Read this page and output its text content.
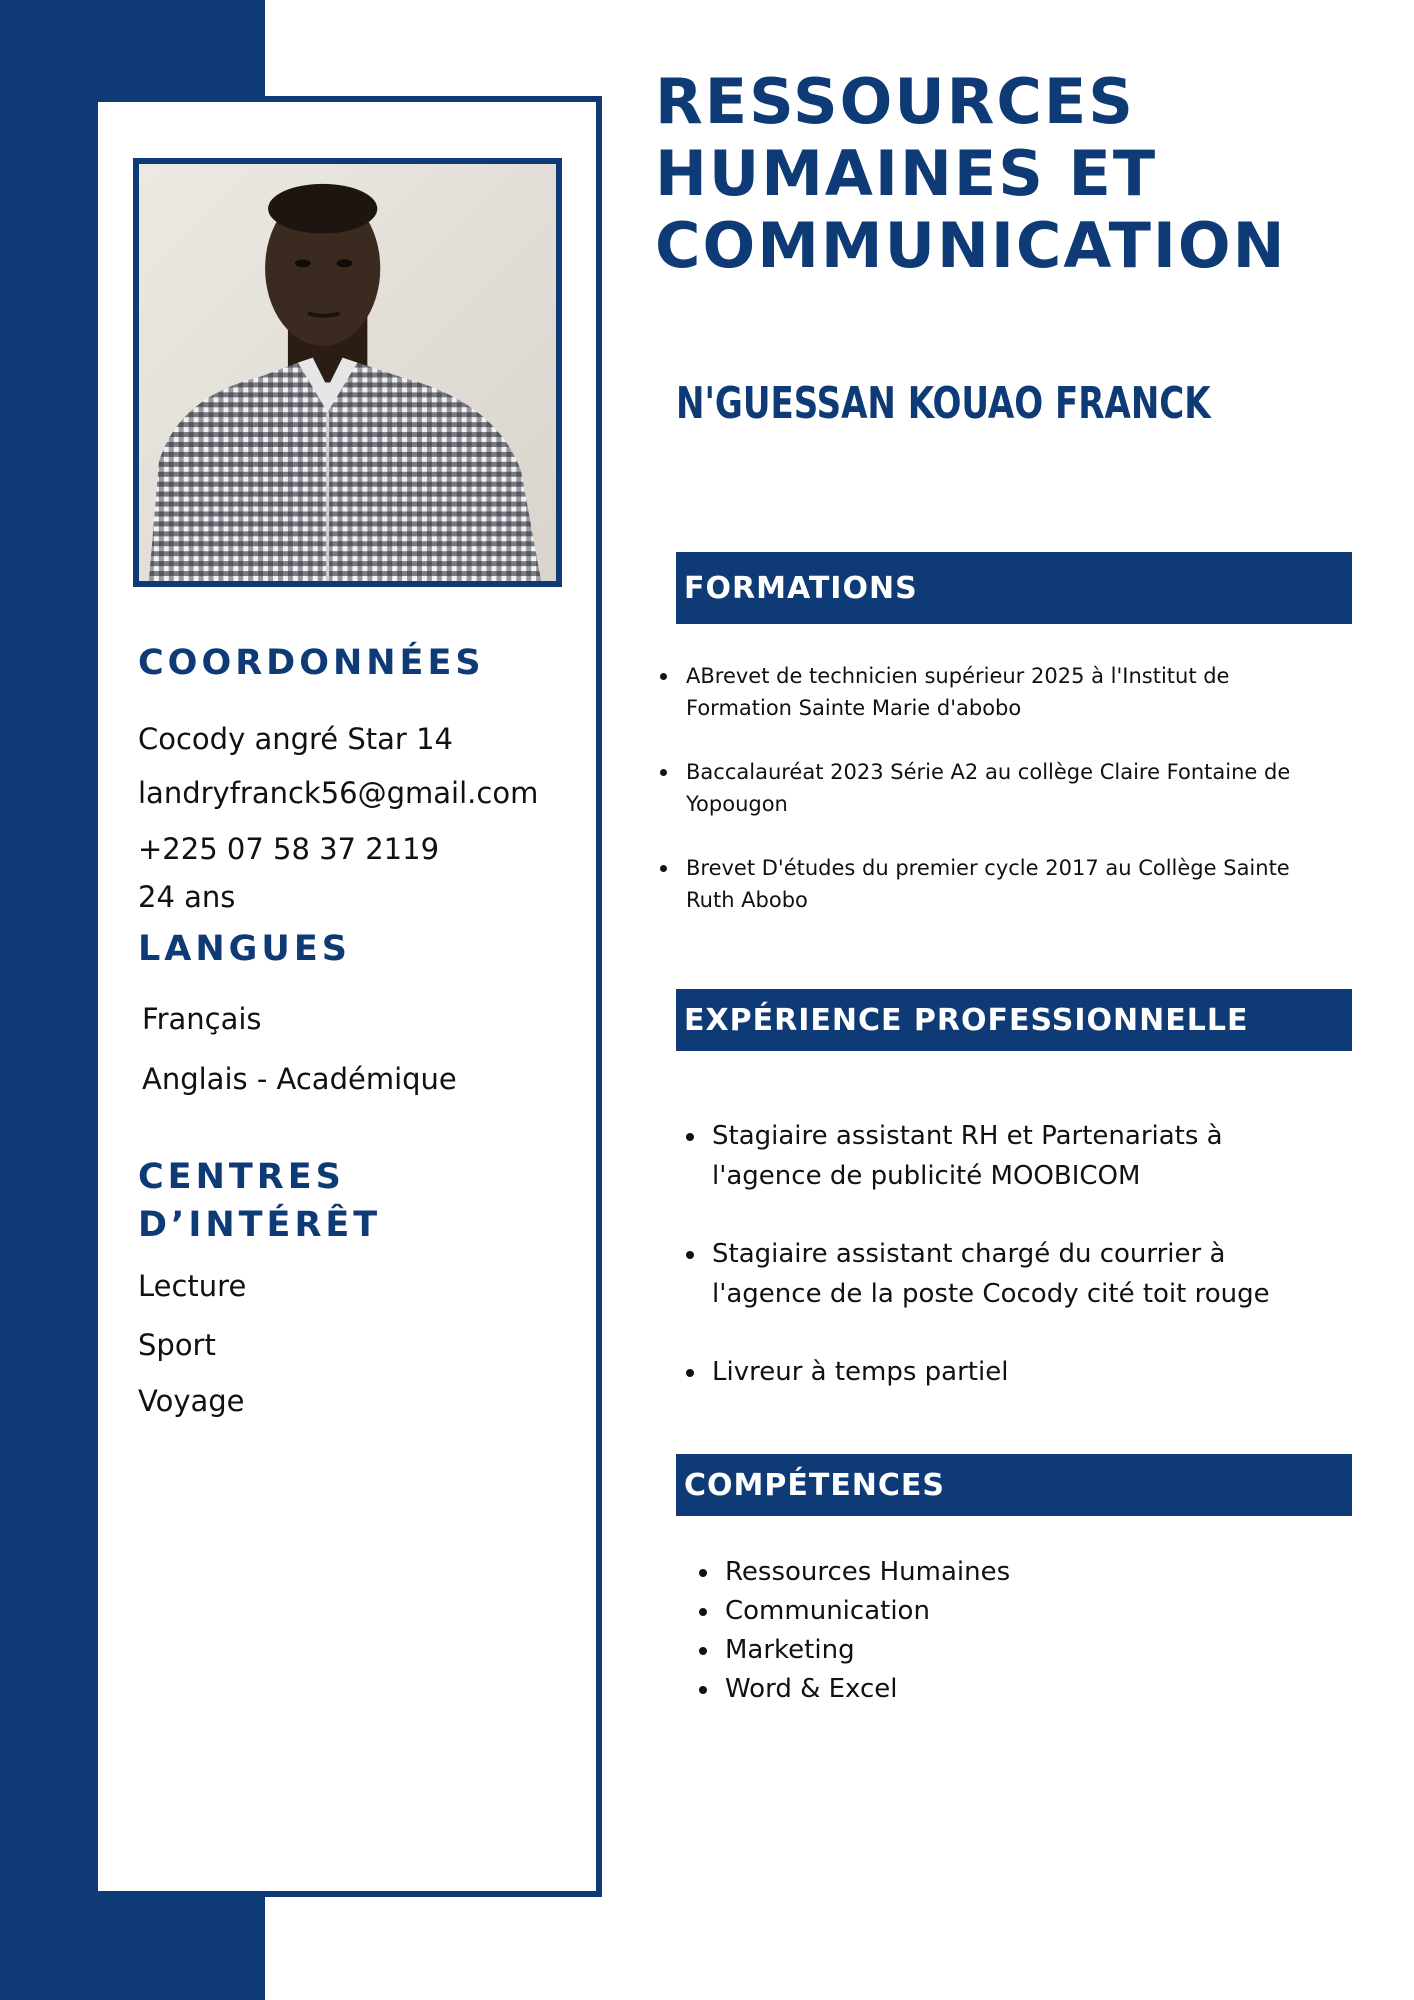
COORDONNÉES

Cocody angré Star 14

landryfranck56@gmail.com

+225 07 58 37 2119

24 ans

LANGUES

Français

Anglais - Académique

CENTRES D’INTÉRÊT

Lecture

Sport

Voyage

RESSOURCES HUMAINES ET COMMUNICATION
N'GUESSAN KOUAO FRANCK
FORMATIONS
ABrevet de technicien supérieur 2025 à l'Institut de Formation Sainte Marie d'abobo
Baccalauréat 2023 Série A2 au collège Claire Fontaine de Yopougon
Brevet D'études du premier cycle 2017 au Collège Sainte Ruth Abobo
EXPÉRIENCE PROFESSIONNELLE
Stagiaire assistant RH et Partenariats à l'agence de publicité MOOBICOM
Stagiaire assistant chargé du courrier à l'agence de la poste Cocody cité toit rouge
Livreur à temps partiel
COMPÉTENCES
Ressources Humaines
Communication
Marketing
Word & Excel
